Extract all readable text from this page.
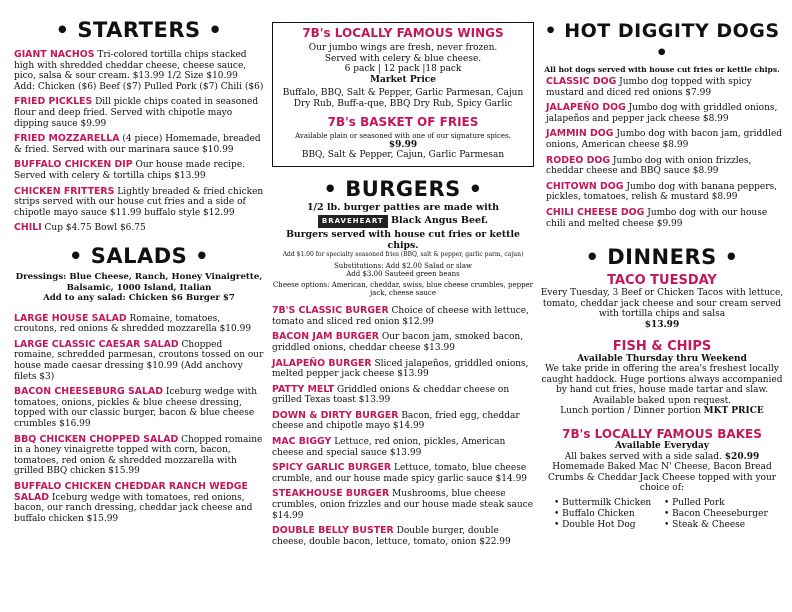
• STARTERS •
GIANT NACHOS Tri-colored tortilla chips stacked high with shredded cheddar cheese, cheese sauce, pico, salsa & sour cream. $13.99 1/2 Size $10.99
Add: Chicken ($6) Beef ($7) Pulled Pork ($7) Chili ($6)
FRIED PICKLES Dill pickle chips coated in seasoned flour and deep fried. Served with chipotle mayo dipping sauce $9.99
FRIED MOZZARELLA (4 piece) Homemade, breaded & fried. Served with our marinara sauce $10.99
BUFFALO CHICKEN DIP Our house made recipe. Served with celery & tortilla chips $13.99
CHICKEN FRITTERS Lightly breaded & fried chicken strips served with our house cut fries and a side of chipotle mayo sauce $11.99 buffalo style $12.99
CHILI Cup $4.75 Bowl $6.75
• SALADS •
Dressings: Blue Cheese, Ranch, Honey Vinaigrette, Balsamic, 1000 Island, Italian
Add to any salad: Chicken $6 Burger $7
LARGE HOUSE SALAD Romaine, tomatoes, croutons, red onions & shredded mozzarella $10.99
LARGE CLASSIC CAESAR SALAD Chopped romaine, schredded parmesan, croutons tossed on our house made caesar dressing $10.99 (Add anchovy filets $3)
BACON CHEESEBURG SALAD Iceburg wedge with tomatoes, onions, pickles & blue cheese dressing, topped with our classic burger, bacon & blue cheese crumbles $16.99
BBQ CHICKEN CHOPPED SALAD Chopped romaine in a honey vinaigrette topped with corn, bacon, tomatoes, red onion & shredded mozzarella with grilled BBQ chicken $15.99
BUFFALO CHICKEN CHEDDAR RANCH WEDGE SALAD Iceburg wedge with tomatoes, red onions, bacon, our ranch dressing, cheddar jack cheese and buffalo chicken $15.99
7B's LOCALLY FAMOUS WINGS
Our jumbo wings are fresh, never frozen.
Served with celery & blue cheese.
6 pack | 12 pack |18 pack
Market Price
Buffalo, BBQ, Salt & Pepper, Garlic Parmesan, Cajun Dry Rub, Buff-a-que, BBQ Dry Rub, Spicy Garlic
7B's BASKET OF FRIES
Available plain or seasoned with one of our signature spices.
$9.99
BBQ, Salt & Pepper, Cajun, Garlic Parmesan
• BURGERS •
1/2 lb. burger patties are made with
BRAVEHEART Black Angus Beef.
Burgers served with house cut fries or kettle chips.
Add $1.00 for specialty seasoned fries (BBQ, salt & pepper, garlic parm, cajun)
Substitutions: Add $2.00 Salad or slaw
Add $3.00 Sauteed green beans
Cheese options: American, cheddar, swiss, blue cheese crumbles, pepper jack, cheese sauce
7B'S CLASSIC BURGER Choice of cheese with lettuce, tomato and sliced red onion $12.99
BACON JAM BURGER Our bacon jam, smoked bacon, griddled onions, cheddar cheese $13.99
JALAPEÑO BURGER Sliced jalapeños, griddled onions, melted pepper jack cheese $13.99
PATTY MELT Griddled onions & cheddar cheese on grilled Texas toast $13.99
DOWN & DIRTY BURGER Bacon, fried egg, cheddar cheese and chipotle mayo $14.99
MAC BIGGY Lettuce, red onion, pickles, American cheese and special sauce $13.99
SPICY GARLIC BURGER Lettuce, tomato, blue cheese crumble, and our house made spicy garlic sauce $14.99
STEAKHOUSE BURGER Mushrooms, blue cheese crumbles, onion frizzles and our house made steak sauce $14.99
DOUBLE BELLY BUSTER Double burger, double cheese, double bacon, lettuce, tomato, onion $22.99
• HOT DIGGITY DOGS •
All hot dogs served with house cut fries or kettle chips.
CLASSIC DOG Jumbo dog topped with spicy mustard and diced red onions $7.99
JALAPEÑO DOG Jumbo dog with griddled onions, jalapeños and pepper jack cheese $8.99
JAMMIN DOG Jumbo dog with bacon jam, griddled onions, American cheese $8.99
RODEO DOG Jumbo dog with onion frizzles, cheddar cheese and BBQ sauce $8.99
CHITOWN DOG Jumbo dog with banana peppers, pickles, tomatoes, relish & mustard $8.99
CHILI CHEESE DOG Jumbo dog with our house chili and melted cheese $9.99
• DINNERS •
TACO TUESDAY
Every Tuesday, 3 Beef or Chicken Tacos with lettuce, tomato, cheddar jack cheese and sour cream served with tortilla chips and salsa
$13.99
FISH & CHIPS
Available Thursday thru Weekend
We take pride in offering the area's freshest locally caught haddock. Huge portions always accompanied by hand cut fries, house made tartar and slaw. Available baked upon request.
Lunch portion / Dinner portion MKT PRICE
7B's LOCALLY FAMOUS BAKES
Available Everyday
All bakes served with a side salad. $20.99
Homemade Baked Mac N' Cheese, Bacon Bread Crumbs & Cheddar Jack Cheese topped with your choice of:
• Buttermilk Chicken
• Buffalo Chicken
• Double Hot Dog
• Pulled Pork
• Bacon Cheeseburger
• Steak & Cheese
